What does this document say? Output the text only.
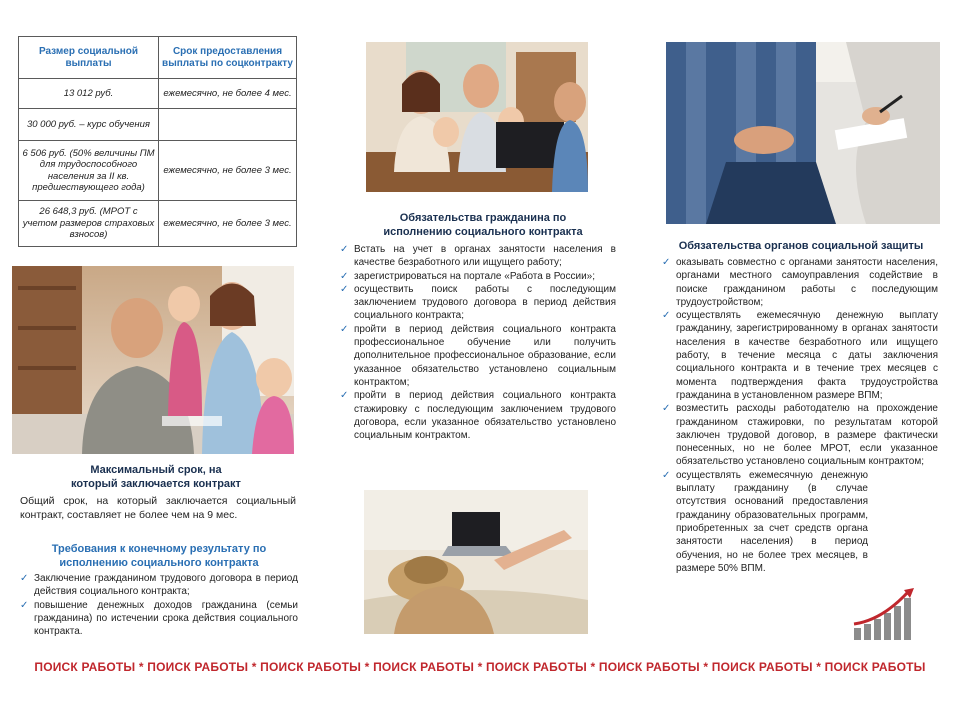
Размер социальной выплаты	Срок предоставления выплаты по соцконтракту
13 012 руб.	ежемесячно, не более 4 мес.
30 000 руб. – курс обучения	
6 506 руб. (50% величины ПМ для трудоспособного населения за II кв. предшествующего года)	ежемесячно, не более 3 мес.
26 648,3 руб. (МРОТ с учетом размеров страховых взносов)	ежемесячно, не более 3 мес.
Максимальный срок, на который заключается контракт
Общий срок, на который заключается социальный контракт, составляет не более чем на 9 мес.
Требования к конечному результату по исполнению социального контракта
✓ Заключение гражданином трудового договора в период действия социального контракта;
✓ повышение денежных доходов гражданина (семьи гражданина) по истечении срока действия социального контракта.
Обязательства гражданина по исполнению социального контракта
✓ Встать на учет в органах занятости населения в качестве безработного или ищущего работу;
✓ зарегистрироваться на портале «Работа в России»;
✓ осуществить поиск работы с последующим заключением трудового договора в период действия социального контракта;
✓ пройти в период действия социального контракта профессиональное обучение или получить дополнительное профессиональное образование, если указанное обязательство установлено социальным контрактом;
✓ пройти в период действия социального контракта стажировку с последующим заключением трудового договора, если указанное обязательство установлено социальным контрактом.
Обязательства органов социальной защиты
✓ оказывать совместно с органами занятости населения, органами местного самоуправления содействие в поиске гражданином работы с последующим трудоустройством;
✓ осуществлять ежемесячную денежную выплату гражданину, зарегистрированному в органах занятости населения в качестве безработного или ищущего работу, в течение месяца с даты заключения социального контракта и в течение трех месяцев с момента подтверждения факта трудоустройства гражданина в установленном размере ВПМ;
✓ возместить расходы работодателю на прохождение гражданином стажировки, по результатам которой заключен трудовой договор, в размере фактически понесенных, но не более МРОТ, если указанное обязательство установлено социальным контрактом;
✓ осуществлять ежемесячную денежную выплату гражданину (в случае отсутствия оснований предоставления гражданину образовательных программ, приобретенных за счет средств органа занятости населения) в период обучения, но не более трех месяцев, в размере 50% ВПМ.
ПОИСК РАБОТЫ * ПОИСК РАБОТЫ * ПОИСК РАБОТЫ * ПОИСК РАБОТЫ * ПОИСК РАБОТЫ * ПОИСК РАБОТЫ * ПОИСК РАБОТЫ * ПОИСК РАБОТЫ
